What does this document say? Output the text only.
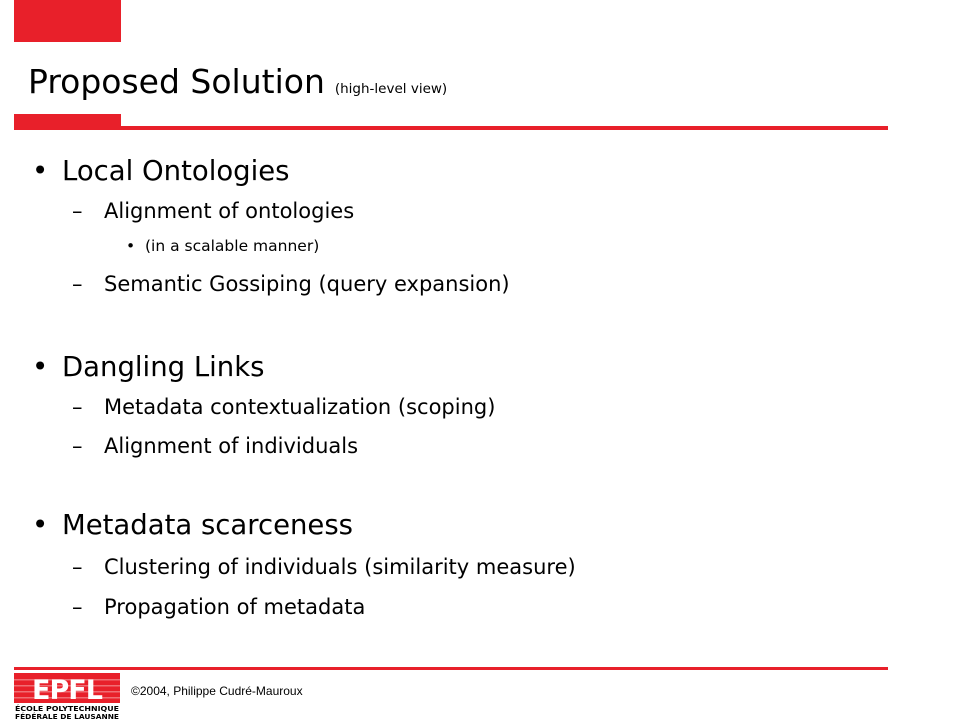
Proposed Solution (high-level view)
• Local Ontologies
– Alignment of ontologies
• (in a scalable manner)
– Semantic Gossiping (query expansion)
• Dangling Links
– Metadata contextualization (scoping)
– Alignment of individuals
• Metadata scarceness
– Clustering of individuals (similarity measure)
– Propagation of metadata
EPFL
ÉCOLE POLYTECHNIQUE
FÉDÉRALE DE LAUSANNE
©2004, Philippe Cudré-Mauroux
